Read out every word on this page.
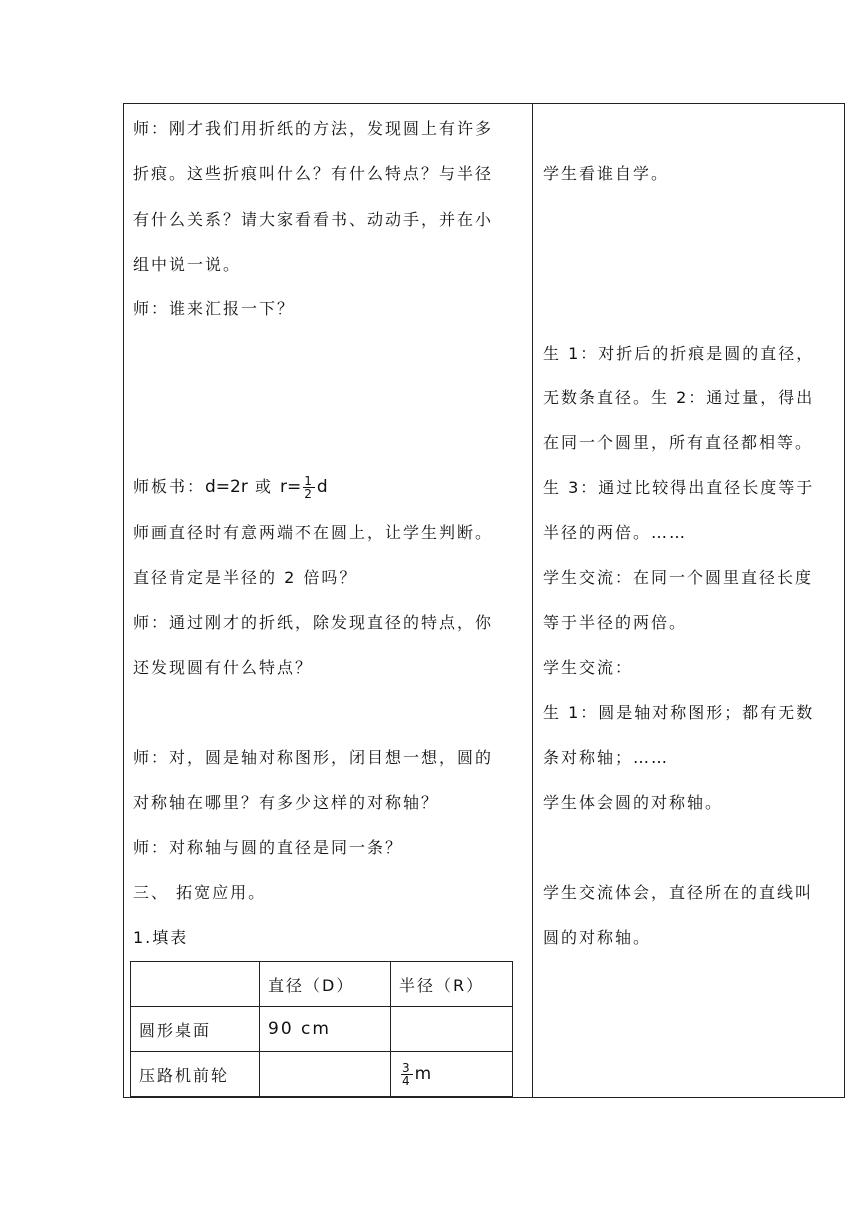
师：刚才我们用折纸的方法，发现圆上有许多
折痕。这些折痕叫什么？有什么特点？与半径
有什么关系？请大家看看书、动动手，并在小
组中说一说。
师：谁来汇报一下？
师板书：d=2r 或 $r= \frac{1}{2}$ d
师画直径时有意两端不在圆上，让学生判断。
直径肯定是半径的 2 倍吗？
师：通过刚才的折纸，除发现直径的特点，你
还发现圆有什么特点？
师：对，圆是轴对称图形，闭目想一想，圆的
对称轴在哪里？有多少这样的对称轴？
师：对称轴与圆的直径是同一条？
三、 拓宽应用。
1.填表
	直径（D）	半径（R）
圆形桌面	90 cm	
压路机前轮		$\frac{3}{4}$ m
学生看谁自学。
生 1：对折后的折痕是圆的直径，
无数条直径。生 2：通过量，得出
在同一个圆里，所有直径都相等。
生 3：通过比较得出直径长度等于
半径的两倍。……
学生交流：在同一个圆里直径长度
等于半径的两倍。
学生交流：
生 1：圆是轴对称图形；都有无数
条对称轴；……
学生体会圆的对称轴。
学生交流体会，直径所在的直线叫
圆的对称轴。
